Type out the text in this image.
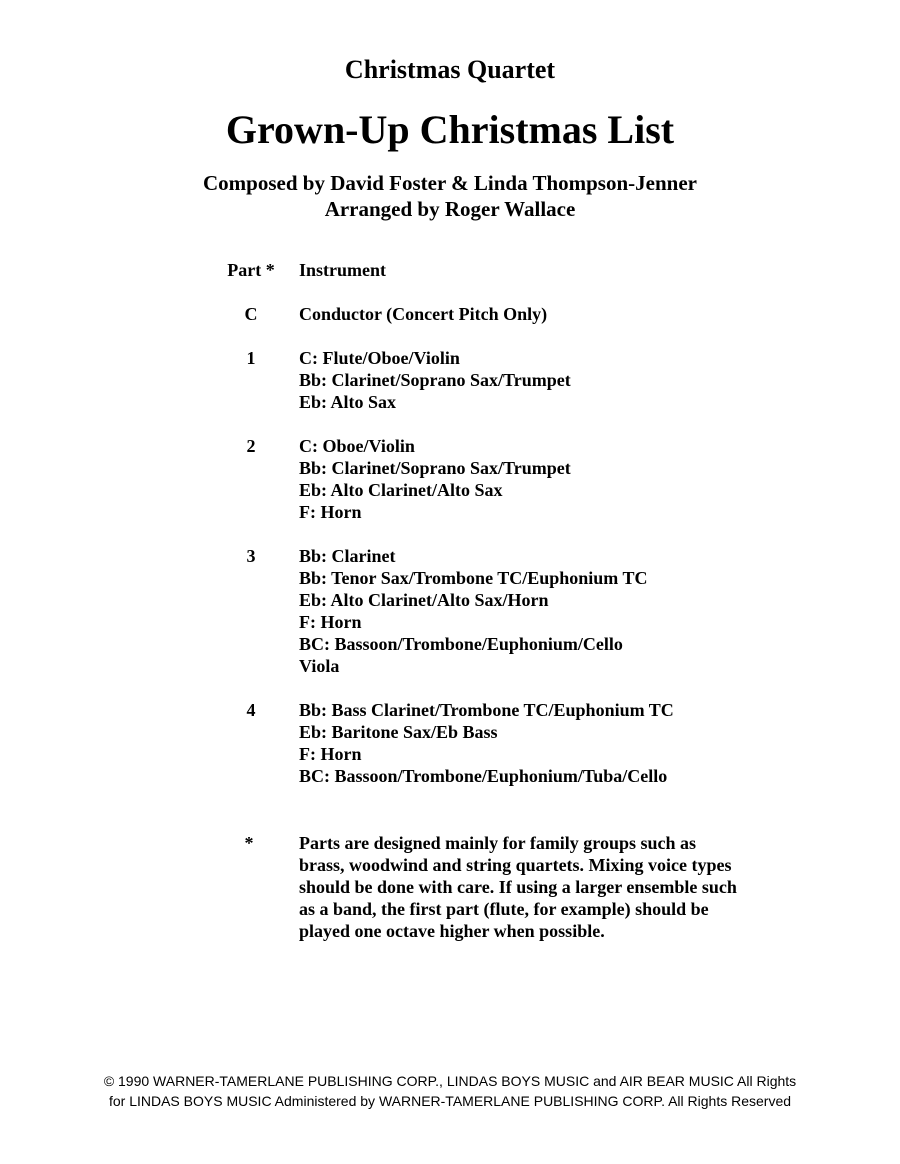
Christmas Quartet
Grown-Up Christmas List
Composed by David Foster & Linda Thompson-Jenner
Arranged by Roger Wallace
Part *	Instrument
C	Conductor (Concert Pitch Only)
1	C: Flute/Oboe/Violin
Bb: Clarinet/Soprano Sax/Trumpet
Eb: Alto Sax
2	C: Oboe/Violin
Bb: Clarinet/Soprano Sax/Trumpet
Eb: Alto Clarinet/Alto Sax
F: Horn
3	Bb: Clarinet
Bb: Tenor Sax/Trombone TC/Euphonium TC
Eb: Alto Clarinet/Alto Sax/Horn
F: Horn
BC: Bassoon/Trombone/Euphonium/Cello
Viola
4	Bb: Bass Clarinet/Trombone TC/Euphonium TC
Eb: Baritone Sax/Eb Bass
F: Horn
BC: Bassoon/Trombone/Euphonium/Tuba/Cello
*	Parts are designed mainly for family groups such as brass, woodwind and string quartets. Mixing voice types should be done with care. If using a larger ensemble such as a band, the first part (flute, for example) should be played one octave higher when possible.
© 1990 WARNER-TAMERLANE PUBLISHING CORP., LINDAS BOYS MUSIC and AIR BEAR MUSIC All Rights
for LINDAS BOYS MUSIC Administered by WARNER-TAMERLANE PUBLISHING CORP. All Rights Reserved
